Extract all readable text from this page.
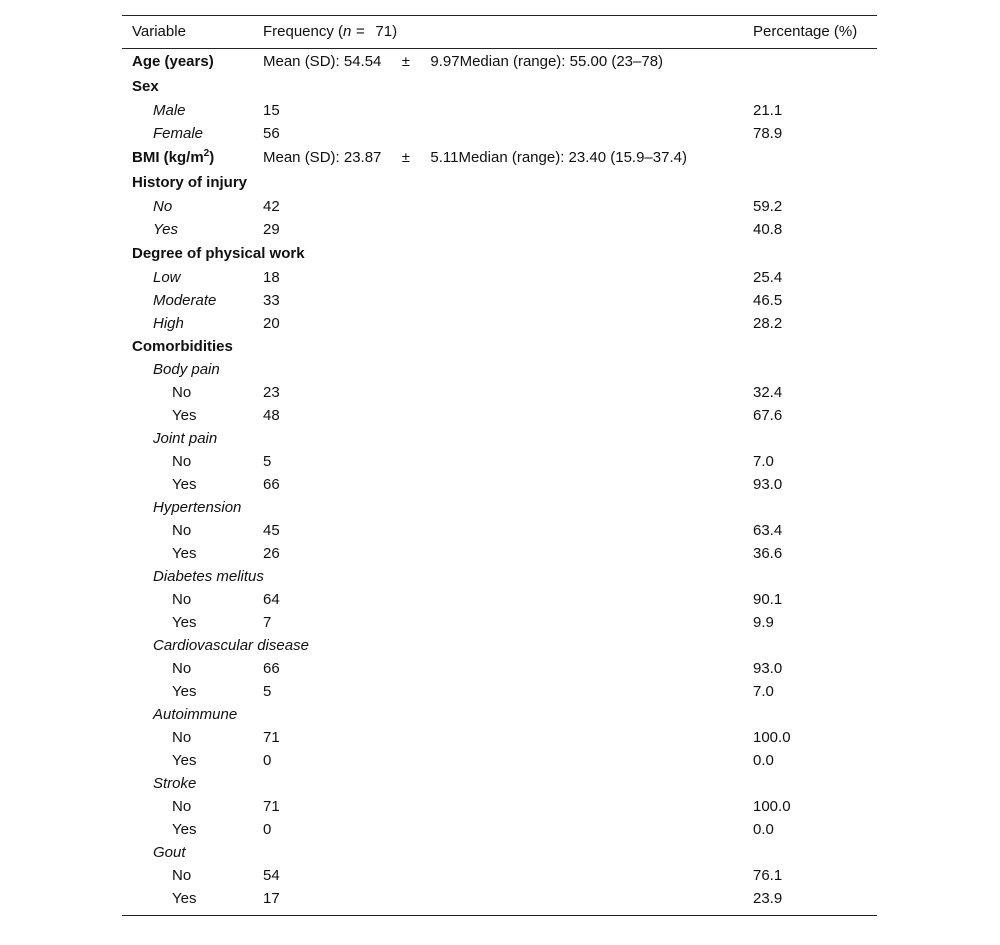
Variable	Frequency (n = 71)	Percentage (%)
Age (years)	Mean (SD): 54.54 ± 9.97Median (range): 55.00 (23–78)
Sex
Male	15	21.1
Female	56	78.9
BMI $(kg/m^2)$	Mean (SD): 23.87 ± 5.11Median (range): 23.40 (15.9–37.4)
History of injury
No	42	59.2
Yes	29	40.8
Degree of physical work
Low	18	25.4
Moderate	33	46.5
High	20	28.2
Comorbidities
Body pain
No	23	32.4
Yes	48	67.6
Joint pain
No	5	7.0
Yes	66	93.0
Hypertension
No	45	63.4
Yes	26	36.6
Diabetes melitus
No	64	90.1
Yes	7	9.9
Cardiovascular disease
No	66	93.0
Yes	5	7.0
Autoimmune
No	71	100.0
Yes	0	0.0
Stroke
No	71	100.0
Yes	0	0.0
Gout
No	54	76.1
Yes	17	23.9
